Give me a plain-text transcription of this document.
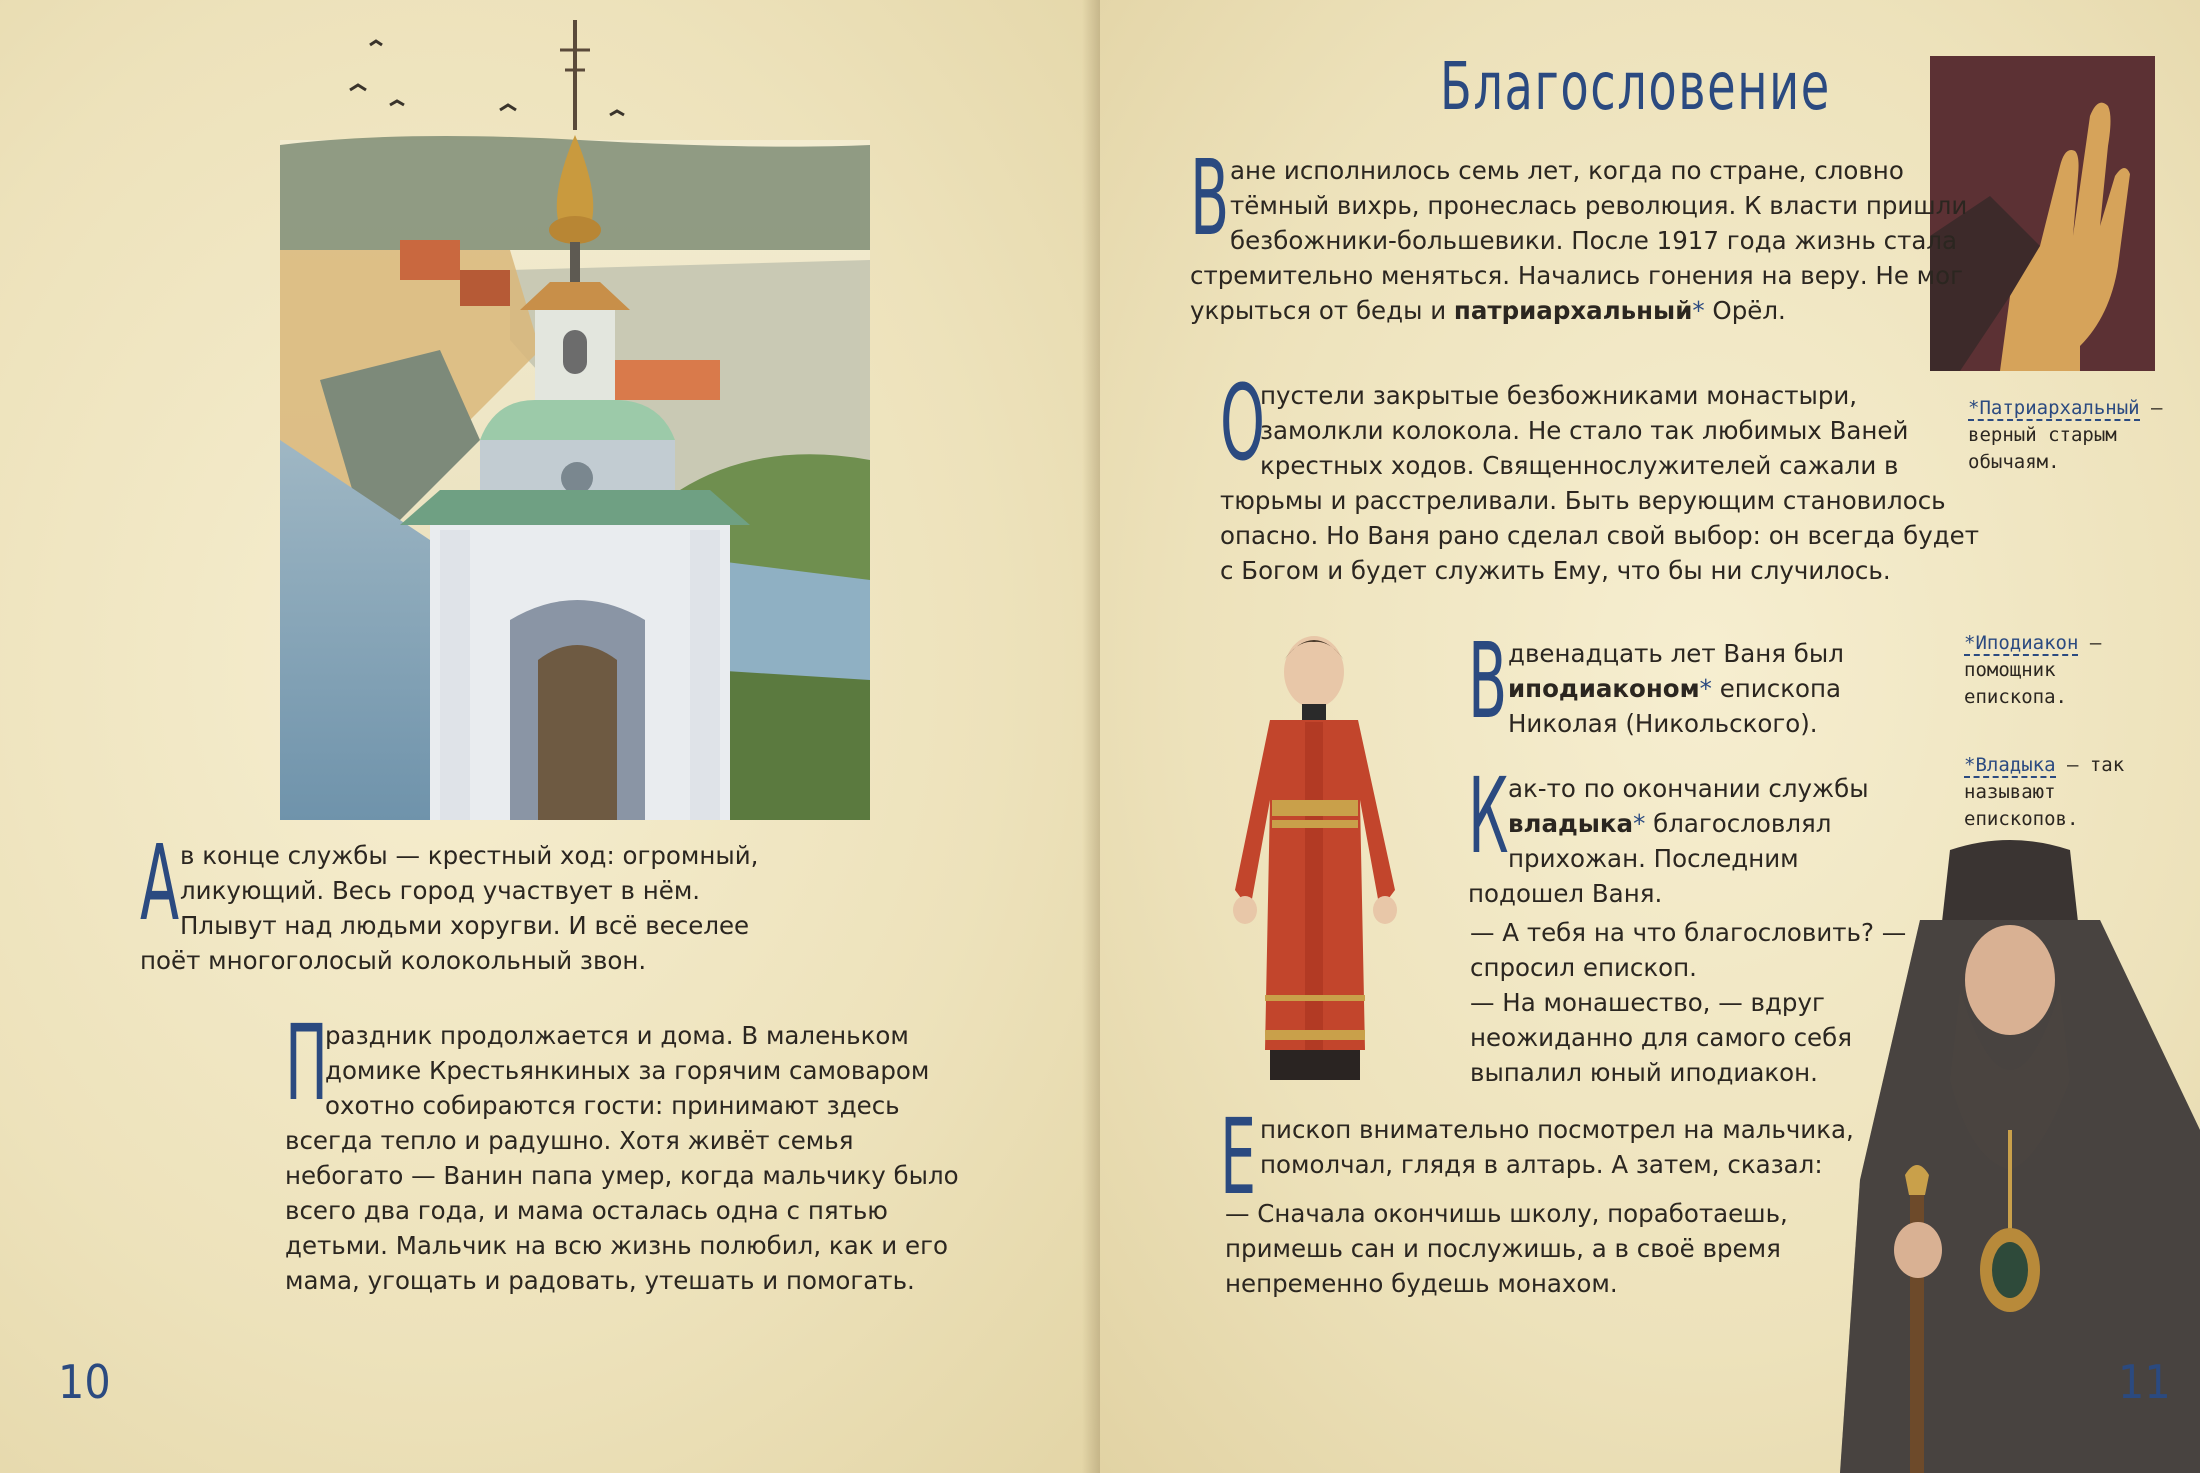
Ав конце службы — крестный ход: огромный, ликующий. Весь город участвует в нём. Плывут над людьми хоругви. И всё веселее поёт многоголосый колокольный звон.

П
раздник продолжается и дома. В маленьком домике Крестьянкиных за горячим самоваром охотно собираются гости: принимают здесь всегда тепло и радушно. Хотя живёт семья небогато — Ванин папа умер, когда мальчику было всего два года, и мама осталась одна с пятью детьми. Мальчик на всю жизнь полюбил, как и его мама, угощать и радовать, утешать и помогать.

10
Благословение

Ване исполнилось семь лет, когда по стране, словно тёмный вихрь, пронеслась революция. К власти пришли безбожники-большевики. После 1917 года жизнь стала стремительно меняться. Начались гонения на веру. Не мог укрыться от беды и патриархальный* Орёл.

О
пустели закрытые безбожниками монастыри, замолкли колокола. Не стало так любимых Ваней крестных ходов. Священнослужителей сажали в тюрьмы и расстреливали. Быть верующим становилось опасно. Но Ваня рано сделал свой выбор: он всегда будет с Богом и будет служить Ему, что бы ни случилось.

Вдвенадцать лет Ваня был иподиаконом* епископа Николая (Никольского).

Как-то по окончании службы владыка* благословлял прихожан. Последним подошел Ваня.

— А тебя на что благословить? — спросил епископ.
— На монашество, — вдруг неожиданно для самого себя выпалил юный иподиакон.

Епископ внимательно посмотрел на мальчика, помолчал, глядя в алтарь. А затем, сказал:

— Сначала окончишь школу, поработаешь, примешь сан и послужишь, а в своё время непременно будешь монахом.
*Патриархальный — верный старым обычаям.
*Иподиакон — помощник епископа.
*Владыка — так называют епископов.
11
